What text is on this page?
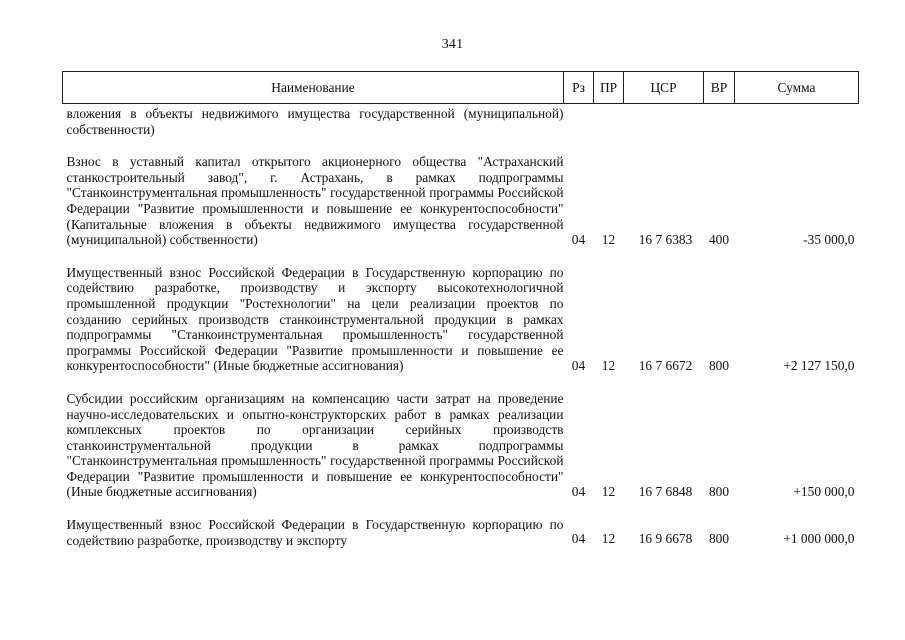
341
Наименование	Рз	ПР	ЦСР	ВР	Сумма
вложения в объекты недвижимого имущества государственной (муниципальной) собственности)					

Взнос в уставный капитал открытого акционерного общества "Астраханский станкостроительный завод", г. Астрахань, в рамках подпрограммы "Станкоинструментальная промышленность" государственной программы Российской Федерации "Развитие промышленности и повышение ее конкурентоспособности" (Капитальные вложения в объекты недвижимого имущества государственной (муниципальной) собственности)	04	12	16 7 6383	400	-35 000,0

Имущественный взнос Российской Федерации в Государственную корпорацию по содействию разработке, производству и экспорту высокотехнологичной промышленной продукции "Ростехнологии" на цели реализации проектов по созданию серийных производств станкоинструментальной продукции в рамках подпрограммы "Станкоинструментальная промышленность" государственной программы Российской Федерации "Развитие промышленности и повышение ее конкурентоспособности" (Иные бюджетные ассигнования)	04	12	16 7 6672	800	+2 127 150,0

Субсидии российским организациям на компенсацию части затрат на проведение научно-исследовательских и опытно-конструкторских работ в рамках реализации комплексных проектов по организации серийных производств станкоинструментальной продукции в рамках подпрограммы "Станкоинструментальная промышленность" государственной программы Российской Федерации "Развитие промышленности и повышение ее конкурентоспособности" (Иные бюджетные ассигнования)	04	12	16 7 6848	800	+150 000,0

Имущественный взнос Российской Федерации в Государственную корпорацию по содействию разработке, производству и экспорту	04	12	16 9 6678	800	+1 000 000,0
